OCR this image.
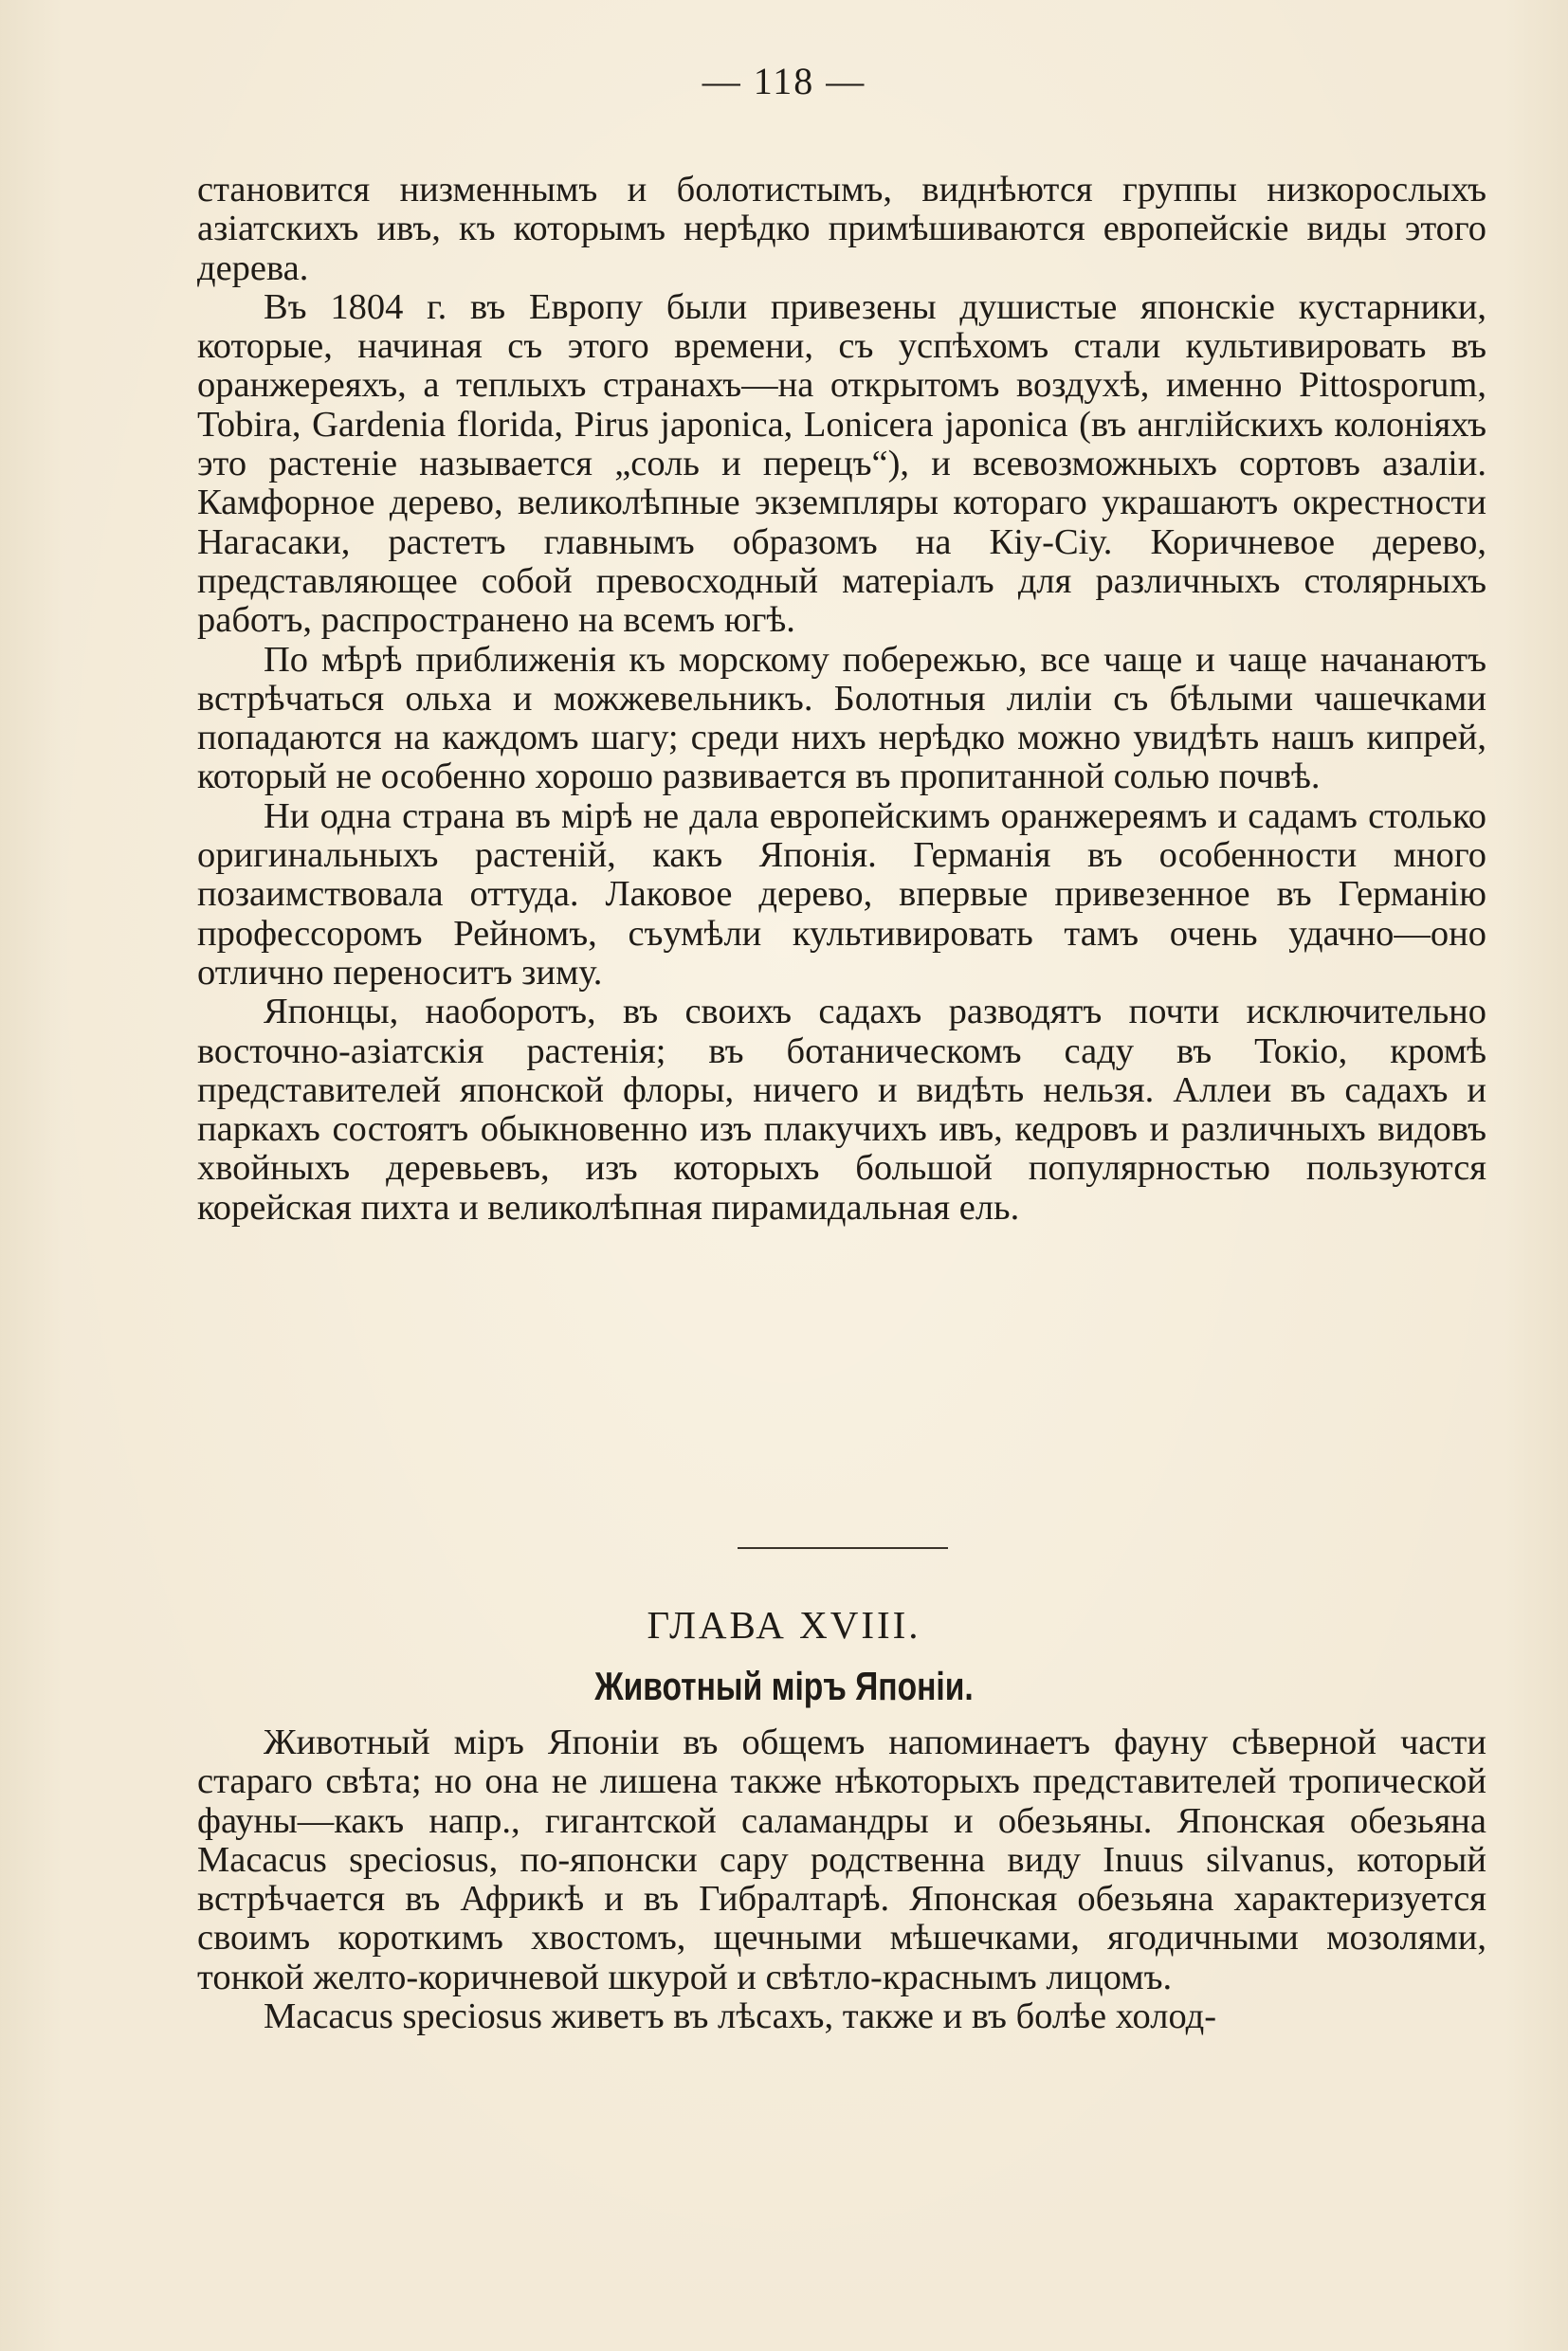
— 118 —

становится низменнымъ и болотистымъ, виднѣются группы низкорослыхъ азіатскихъ ивъ, къ которымъ нерѣдко примѣшиваются европейскіе виды этого дерева.

Въ 1804 г. въ Европу были привезены душистые японскіе кустарники, которые, начиная съ этого времени, съ успѣхомъ стали культивировать въ оранжереяхъ, а теплыхъ странахъ—на открытомъ воздухѣ, именно Pittosporum, Tobira, Gardenia florida, Pirus japonica, Lonicera japonica (въ англійскихъ колоніяхъ это растеніе называется „соль и перецъ“), и всевозможныхъ сортовъ азаліи. Камфорное дерево, великолѣпные экземпляры котораго украшаютъ окрестности Нагасаки, растетъ главнымъ образомъ на Кіу-Сіу. Коричневое дерево, представляющее собой превосходный матеріалъ для различныхъ столярныхъ работъ, распространено на всемъ югѣ.

По мѣрѣ приближенія къ морскому побережью, все чаще и чаще начанаютъ встрѣчаться ольха и можжевельникъ. Болотныя лиліи съ бѣлыми чашечками попадаются на каждомъ шагу; среди нихъ нерѣдко можно увидѣть нашъ кипрей, который не особенно хорошо развивается въ пропитанной солью почвѣ.

Ни одна страна въ мірѣ не дала европейскимъ оранжереямъ и садамъ столько оригинальныхъ растеній, какъ Японія. Германія въ особенности много позаимствовала оттуда. Лаковое дерево, впервые привезенное въ Германію профессоромъ Рейномъ, съумѣли культивировать тамъ очень удачно—оно отлично переноситъ зиму.

Японцы, наоборотъ, въ своихъ садахъ разводятъ почти исключительно восточно-азіатскія растенія; въ ботаническомъ саду въ Токіо, кромѣ представителей японской флоры, ничего и видѣть нельзя. Аллеи въ садахъ и паркахъ состоятъ обыкновенно изъ плакучихъ ивъ, кедровъ и различныхъ видовъ хвойныхъ деревьевъ, изъ которыхъ большой популярностью пользуются корейская пихта и великолѣпная пирамидальная ель.

ГЛАВА XVIII.
Животный міръ Японіи.

Животный міръ Японіи въ общемъ напоминаетъ фауну сѣверной части стараго свѣта; но она не лишена также нѣкоторыхъ представителей тропической фауны—какъ напр., гигантской саламандры и обезьяны. Японская обезьяна Macacus speciosus, по-японски сару родственна виду Inuus silvanus, который встрѣчается въ Африкѣ и въ Гибралтарѣ. Японская обезьяна характеризуется своимъ короткимъ хвостомъ, щечными мѣшечками, ягодичными мозолями, тонкой желто-коричневой шкурой и свѣтло-краснымъ лицомъ.

Macacus speciosus живетъ въ лѣсахъ, также и въ болѣе холод-
